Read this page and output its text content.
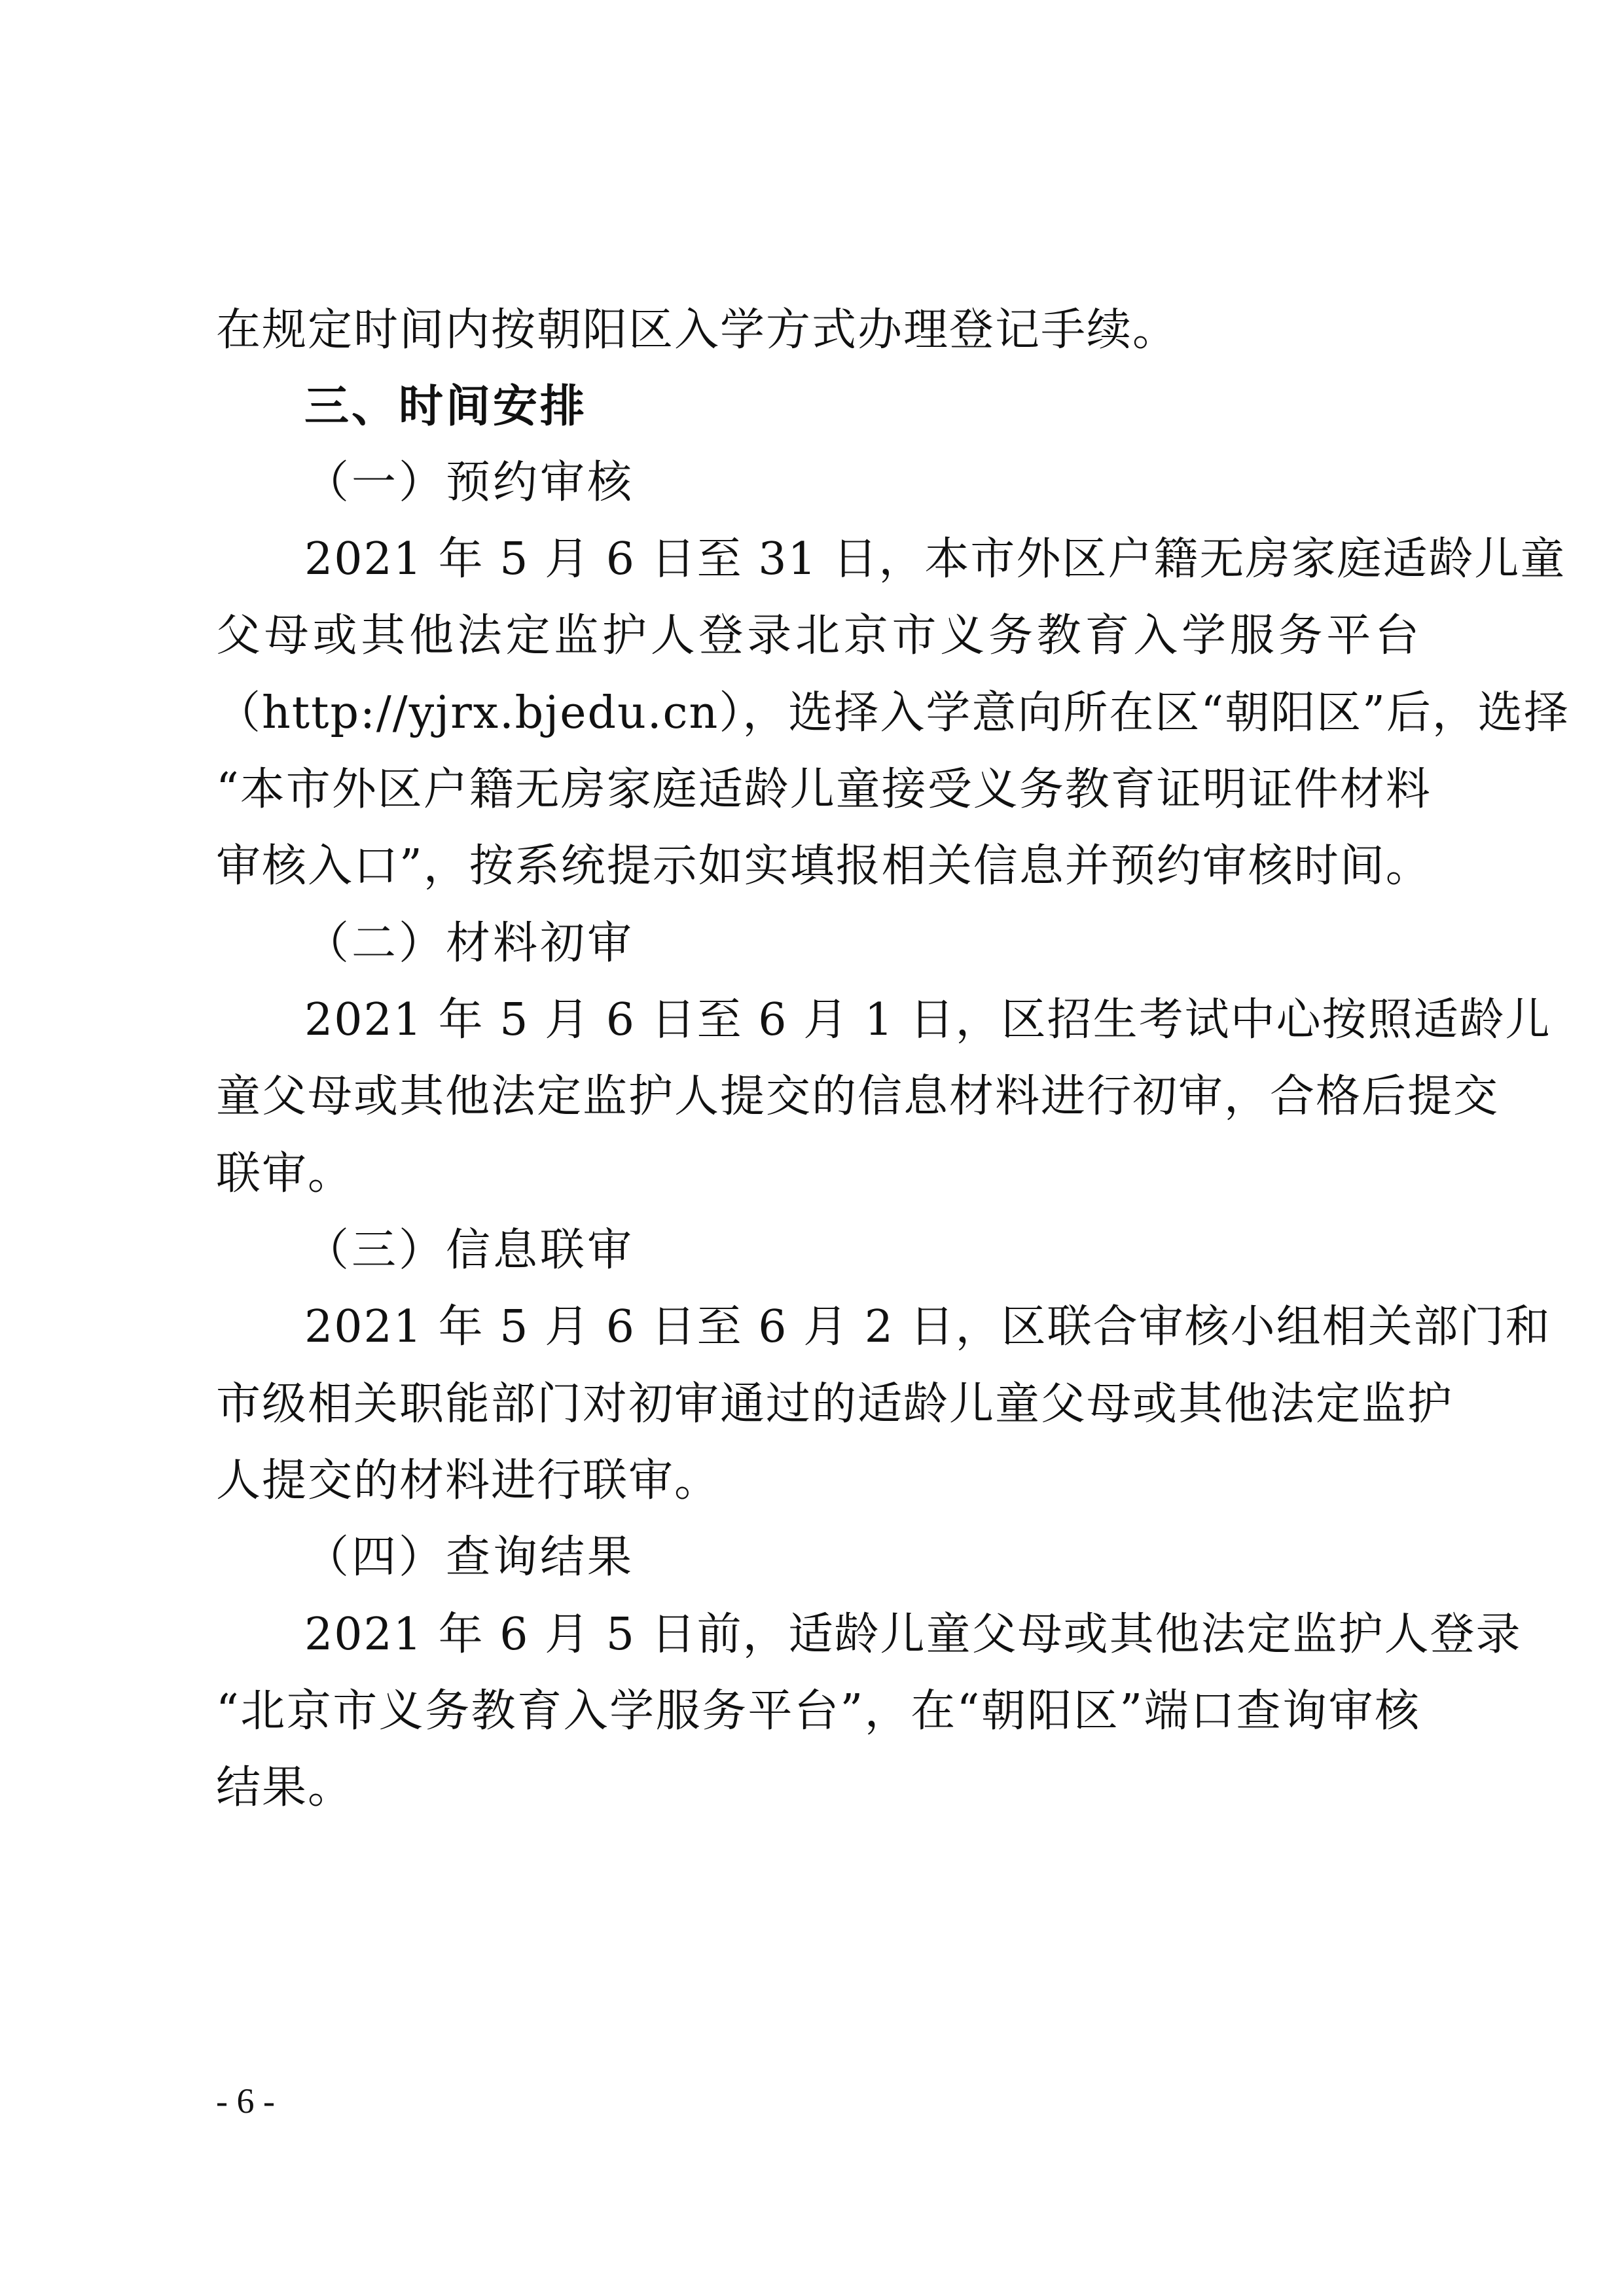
在规定时间内按朝阳区入学方式办理登记手续。
三、时间安排
（一）预约审核
2021 年 5 月 6 日至 31 日，本市外区户籍无房家庭适龄儿童
父母或其他法定监护人登录北京市义务教育入学服务平台
（http://yjrx.bjedu.cn），选择入学意向所在区“朝阳区”后，选择
“本市外区户籍无房家庭适龄儿童接受义务教育证明证件材料
审核入口”，按系统提示如实填报相关信息并预约审核时间。
（二）材料初审
2021 年 5 月 6 日至 6 月 1 日，区招生考试中心按照适龄儿
童父母或其他法定监护人提交的信息材料进行初审，合格后提交
联审。
（三）信息联审
2021 年 5 月 6 日至 6 月 2 日，区联合审核小组相关部门和
市级相关职能部门对初审通过的适龄儿童父母或其他法定监护
人提交的材料进行联审。
（四）查询结果
2021 年 6 月 5 日前，适龄儿童父母或其他法定监护人登录
“北京市义务教育入学服务平台”，在“朝阳区”端口查询审核
结果。
- 6 -
